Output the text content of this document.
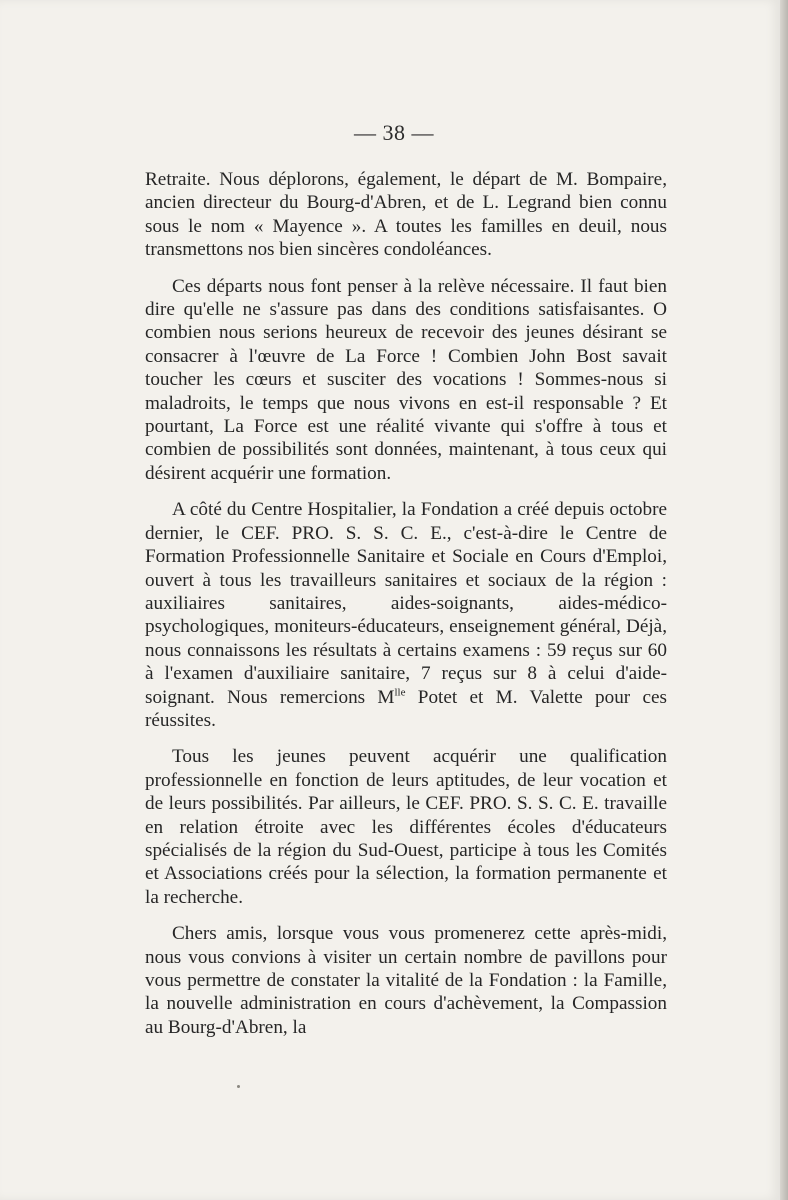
— 38 —

Retraite. Nous déplorons, également, le départ de M. Bompaire, ancien directeur du Bourg-d'Abren, et de L. Legrand bien connu sous le nom « Mayence ». A toutes les familles en deuil, nous transmettons nos bien sincères condoléances.

Ces départs nous font penser à la relève nécessaire. Il faut bien dire qu'elle ne s'assure pas dans des conditions satisfaisantes. O combien nous serions heureux de recevoir des jeunes désirant se consacrer à l'œuvre de La Force ! Combien John Bost savait toucher les cœurs et susciter des vocations ! Sommes-nous si maladroits, le temps que nous vivons en est-il responsable ? Et pourtant, La Force est une réalité vivante qui s'offre à tous et combien de possibilités sont données, maintenant, à tous ceux qui désirent acquérir une formation.

A côté du Centre Hospitalier, la Fondation a créé depuis octobre dernier, le CEF. PRO. S. S. C. E., c'est-à-dire le Centre de Formation Professionnelle Sanitaire et Sociale en Cours d'Emploi, ouvert à tous les travailleurs sanitaires et sociaux de la région : auxiliaires sanitaires, aides-soignants, aides-médico-psychologiques, moniteurs-éducateurs, enseignement général, Déjà, nous connaissons les résultats à certains examens : 59 reçus sur 60 à l'examen d'auxiliaire sanitaire, 7 reçus sur 8 à celui d'aide-soignant. Nous remercions $M^{lle}$ Potet et M. Valette pour ces réussites.

Tous les jeunes peuvent acquérir une qualification professionnelle en fonction de leurs aptitudes, de leur vocation et de leurs possibilités. Par ailleurs, le CEF. PRO. S. S. C. E. travaille en relation étroite avec les différentes écoles d'éducateurs spécialisés de la région du Sud-Ouest, participe à tous les Comités et Associations créés pour la sélection, la formation permanente et la recherche.

Chers amis, lorsque vous vous promenerez cette après-midi, nous vous convions à visiter un certain nombre de pavillons pour vous permettre de constater la vitalité de la Fondation : la Famille, la nouvelle administration en cours d'achèvement, la Compassion au Bourg-d'Abren, la
